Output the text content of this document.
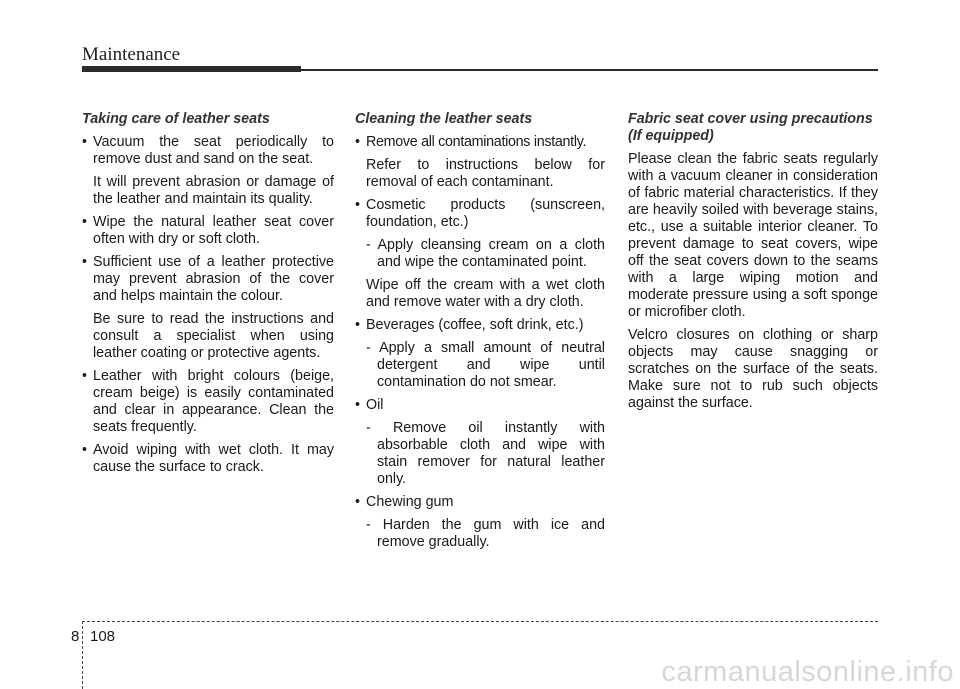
Maintenance

Taking care of leather seats

• Vacuum the seat periodically to remove dust and sand on the seat.

It will prevent abrasion or damage of the leather and maintain its quality.

• Wipe the natural leather seat cover often with dry or soft cloth.

• Sufficient use of a leather protective may prevent abrasion of the cover and helps maintain the colour.

Be sure to read the instructions and consult a specialist when using leather coating or protective agents.

• Leather with bright colours (beige, cream beige) is easily contaminated and clear in appearance. Clean the seats frequently.

• Avoid wiping with wet cloth. It may cause the surface to crack.

Cleaning the leather seats

• Remove all contaminations instantly.

Refer to instructions below for removal of each contaminant.

• Cosmetic products (sunscreen, foundation, etc.)

- Apply cleansing cream on a cloth and wipe the contaminated point.

Wipe off the cream with a wet cloth and remove water with a dry cloth.

• Beverages (coffee, soft drink, etc.)

- Apply a small amount of neutral detergent and wipe until contamination do not smear.

• Oil

- Remove oil instantly with absorbable cloth and wipe with stain remover for natural leather only.

• Chewing gum

- Harden the gum with ice and remove gradually.

Fabric seat cover using precautions (If equipped)

Please clean the fabric seats regularly with a vacuum cleaner in consideration of fabric material characteristics. If they are heavily soiled with beverage stains, etc., use a suitable interior cleaner. To prevent damage to seat covers, wipe off the seat covers down to the seams with a large wiping motion and moderate pressure using a soft sponge or microfiber cloth.

Velcro closures on clothing or sharp objects may cause snagging or scratches on the surface of the seats. Make sure not to rub such objects against the surface.

8 108
carmanualsonline.info
